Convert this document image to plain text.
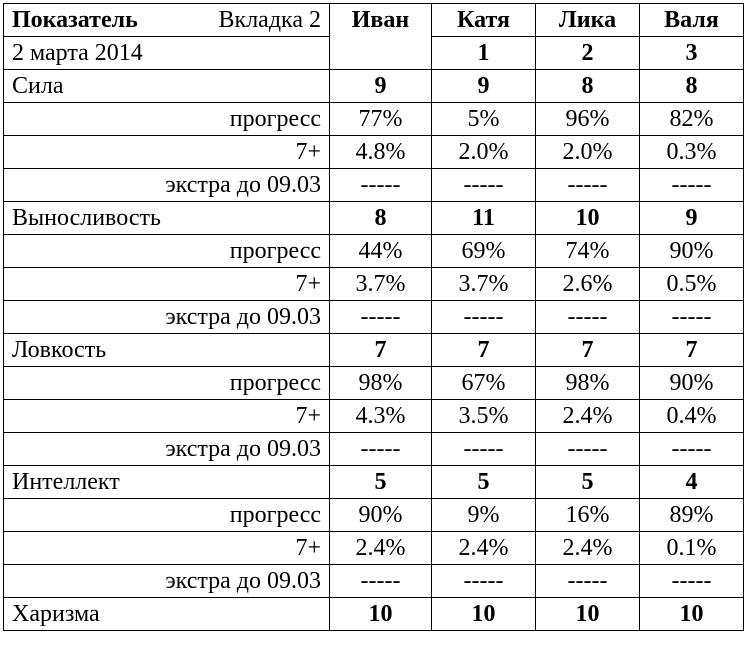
Показатель Вкладка 2	Иван	Катя	Лика	Валя
2 марта 2014		1	2	3
Сила	9	9	8	8
прогресс	77%	5%	96%	82%
7+	4.8%	2.0%	2.0%	0.3%
экстра до 09.03	-----	-----	-----	-----
Выносливость	8	11	10	9
прогресс	44%	69%	74%	90%
7+	3.7%	3.7%	2.6%	0.5%
экстра до 09.03	-----	-----	-----	-----
Ловкость	7	7	7	7
прогресс	98%	67%	98%	90%
7+	4.3%	3.5%	2.4%	0.4%
экстра до 09.03	-----	-----	-----	-----
Интеллект	5	5	5	4
прогресс	90%	9%	16%	89%
7+	2.4%	2.4%	2.4%	0.1%
экстра до 09.03	-----	-----	-----	-----
Харизма	10	10	10	10
